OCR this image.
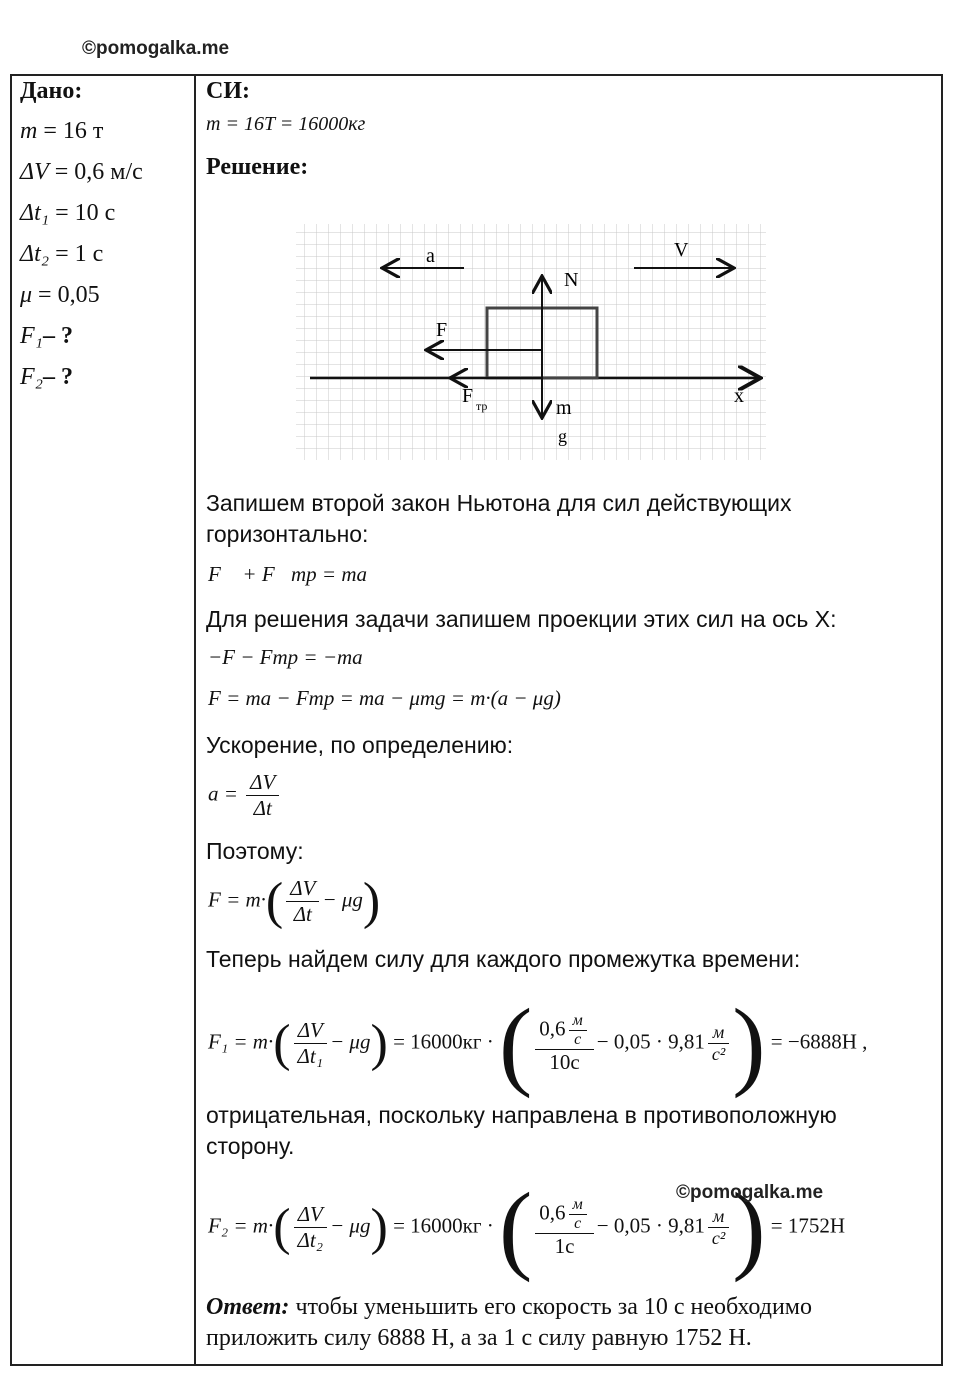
©pomogalka.me
Дано:
m = 16 т
ΔV = 0,6 м/с
Δt₁ = 10 с
Δt₂ = 1 с
μ = 0,05
F₁– ?
F₂– ?
СИ:
m = 16T = 16000кг
Решение:
a	V
N
F
F тр	m
g
x
Запишем второй закон Ньютона для сил действующих горизонтально:
F⃗ + F⃗тр = ma⃗
Для решения задачи запишем проекции этих сил на ось X:
−F − Fтр = −ma
F = ma − Fтр = ma − μmg = m·(a − μg)
Ускорение, по определению:
$a = \frac{\Delta V}{\Delta t}$
Поэтому:
$F = m\cdot( \frac{\Delta V}{\Delta t} - \mu g)$
Теперь найдем силу для каждого промежутка времени:
$F_1 = m\cdot( \frac{\Delta V}{\text{Δt₁}} - \mu g) = 16000кг$ · ( $\frac{0,6 \frac{м}{с}}{10с} - 0,05 \cdot 9,81 \frac{м}{\text{с²}}$ ) = −6888H ,
отрицательная, поскольку направлена в противоположную сторону.
$F_2 = m\cdot( \frac{\Delta V}{\text{Δt₂}} - \mu g) = 16000кг$ · ( $\frac{0,6 \frac{м}{с}}{1с} - 0,05 \cdot 9,81 \frac{м}{\text{с²}}$ ) = 1752H
©pomogalka.me
Ответ: чтобы уменьшить его скорость за 10 с необходимо приложить силу 6888 Н, а за 1 с силу равную 1752 Н.
